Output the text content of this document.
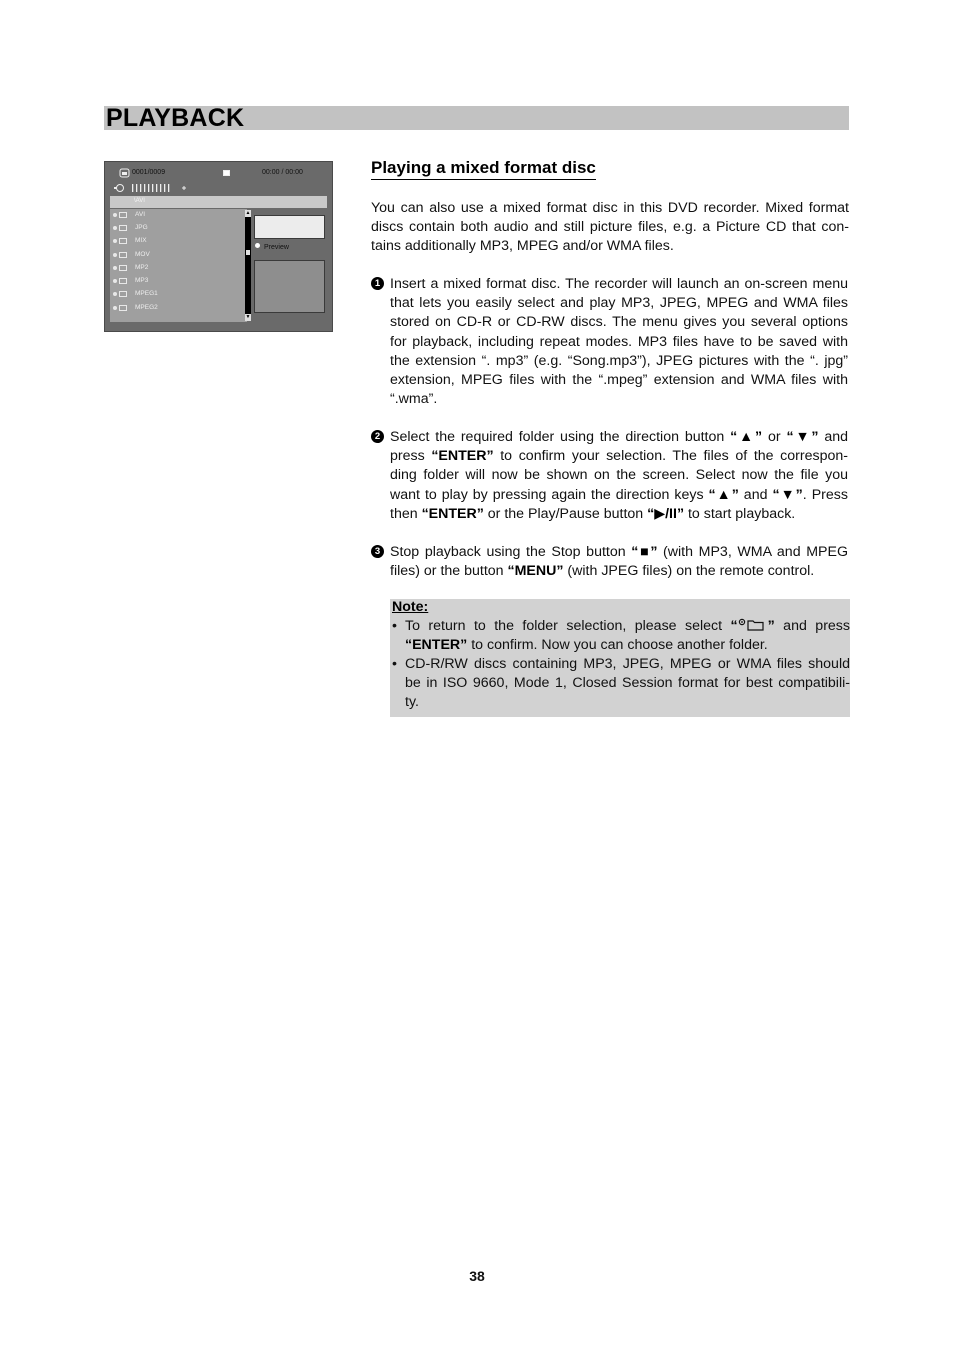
PLAYBACK
0001/0009	00:00 / 00:00
\AVI
AVI
JPG
MIX
MOV
MP2
MP3
MPEG1
MPEG2
▲
▼
Preview
Playing a mixed format disc
You can also use a mixed format disc in this DVD recorder. Mixed format
discs contain both audio and still picture files, e.g. a Picture CD that con-
tains additionally MP3, MPEG and/or WMA files.
1 Insert a mixed format disc. The recorder will launch an on-screen menu
that lets you easily select and play MP3, JPEG, MPEG and WMA files
stored on CD-R or CD-RW discs. The menu gives you several options
for playback, including repeat modes. MP3 files have to be saved with
the extension “. mp3” (e.g. “Song.mp3”), JPEG pictures with the “. jpg”
extension, MPEG files with the “.mpeg” extension and WMA files with
“.wma”.
2 Select the required folder using the direction button “▲” or “▼” and
press “ENTER” to confirm your selection. The files of the correspon-
ding folder will now be shown on the screen. Select now the file you
want to play by pressing again the direction keys “▲” and “▼”. Press
then “ENTER” or the Play/Pause button “▶/II” to start playback.
3 Stop playback using the Stop button “■” (with MP3, WMA and MPEG
files) or the button “MENU” (with JPEG files) on the remote control.
Note:
• To return to the folder selection, please select “ ” and press
“ENTER” to confirm. Now you can choose another folder.
• CD-R/RW discs containing MP3, JPEG, MPEG or WMA files should
be in ISO 9660, Mode 1, Closed Session format for best compatibili-
ty.
38
